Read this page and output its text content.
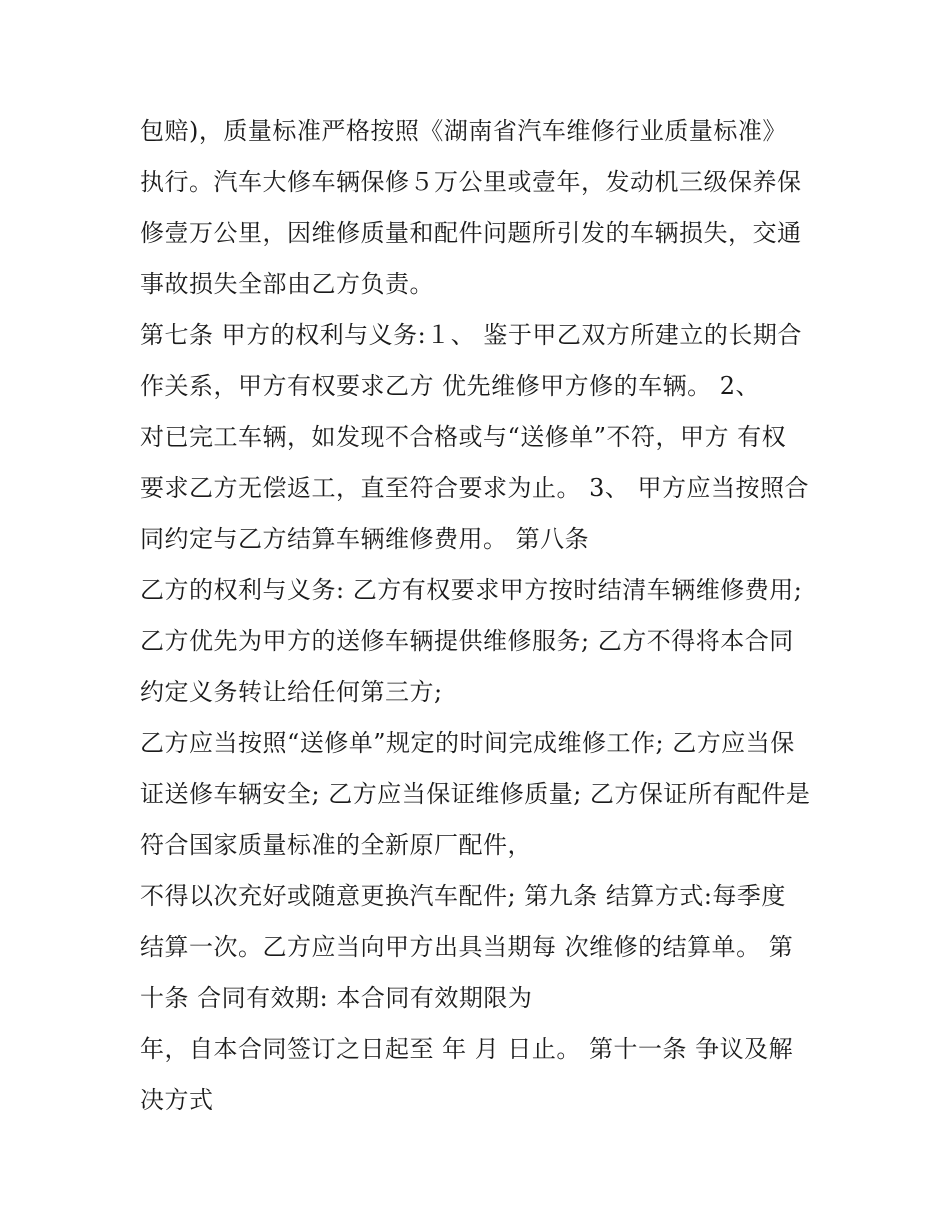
包赔)，质量标准严格按照《湖南省汽车维修行业质量标准》
执行。汽车大修车辆保修５万公里或壹年，发动机三级保养保
修壹万公里，因维修质量和配件问题所引发的车辆损失，交通
事故损失全部由乙方负责。
第七条 甲方的权利与义务:１、 鉴于甲乙双方所建立的长期合
作关系，甲方有权要求乙方 优先维修甲方修的车辆。 2、
对已完工车辆，如发现不合格或与“送修单”不符，甲方 有权
要求乙方无偿返工，直至符合要求为止。 3、 甲方应当按照合
同约定与乙方结算车辆维修费用。 第八条
乙方的权利与义务: 乙方有权要求甲方按时结清车辆维修费用;
乙方优先为甲方的送修车辆提供维修服务; 乙方不得将本合同
约定义务转让给任何第三方;
乙方应当按照“送修单”规定的时间完成维修工作; 乙方应当保
证送修车辆安全; 乙方应当保证维修质量; 乙方保证所有配件是
符合国家质量标准的全新原厂配件，
不得以次充好或随意更换汽车配件; 第九条 结算方式:每季度
结算一次。乙方应当向甲方出具当期每 次维修的结算单。 第
十条 合同有效期: 本合同有效期限为
年，自本合同签订之日起至 年 月 日止。 第十一条 争议及解
决方式
